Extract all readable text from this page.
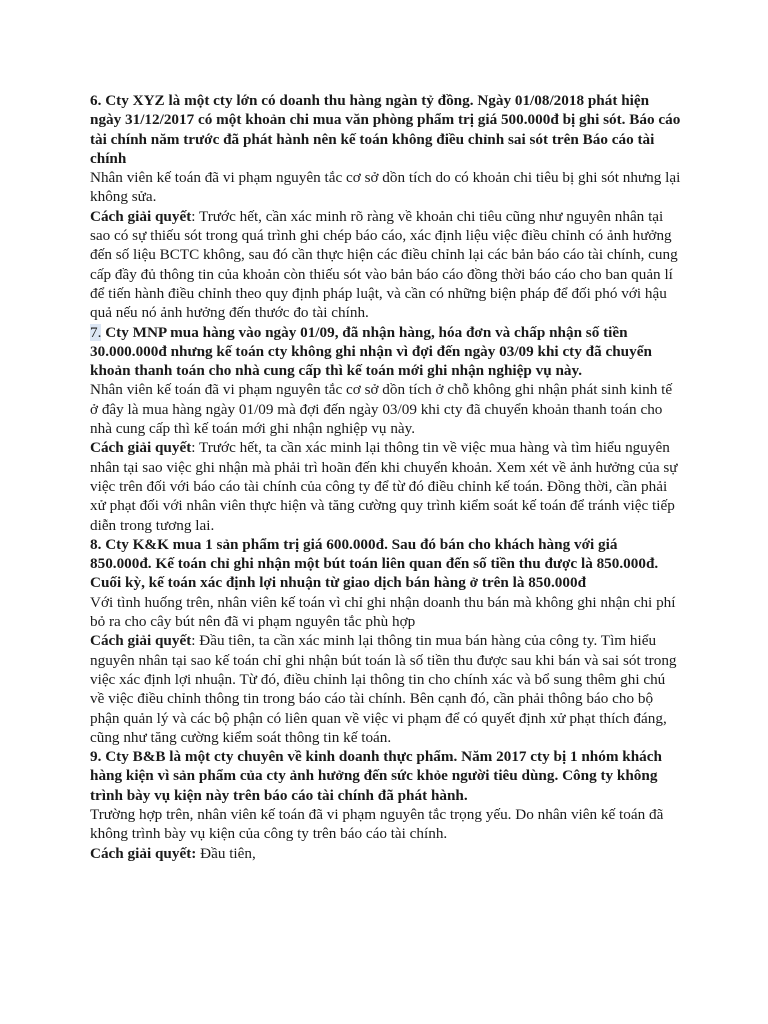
6. Cty XYZ là một cty lớn có doanh thu hàng ngàn tỷ đồng. Ngày 01/08/2018 phát hiện ngày 31/12/2017 có một khoản chi mua văn phòng phẩm trị giá 500.000đ bị ghi sót. Báo cáo tài chính năm trước đã phát hành nên kế toán không điều chỉnh sai sót trên Báo cáo tài chính

Nhân viên kế toán đã vi phạm nguyên tắc cơ sở dồn tích do có khoản chi tiêu bị ghi sót nhưng lại không sửa.

Cách giải quyết: Trước hết, cần xác minh rõ ràng về khoản chi tiêu cũng như nguyên nhân tại sao có sự thiếu sót trong quá trình ghi chép báo cáo, xác định liệu việc điều chỉnh có ảnh hưởng đến số liệu BCTC không, sau đó cần thực hiện các điều chỉnh lại các bản báo cáo tài chính, cung cấp đầy đủ thông tin của khoản còn thiếu sót vào bản báo cáo đồng thời báo cáo cho ban quản lí để tiến hành điều chỉnh theo quy định pháp luật, và cần có những biện pháp để đối phó với hậu quả nếu nó ảnh hưởng đến thước đo tài chính.

7. Cty MNP mua hàng vào ngày 01/09, đã nhận hàng, hóa đơn và chấp nhận số tiền 30.000.000đ nhưng kế toán cty không ghi nhận vì đợi đến ngày 03/09 khi cty đã chuyển khoản thanh toán cho nhà cung cấp thì kế toán mới ghi nhận nghiệp vụ này.

Nhân viên kế toán đã vi phạm nguyên tắc cơ sở dồn tích ở chỗ không ghi nhận phát sinh kinh tế ở đây là mua hàng ngày 01/09 mà đợi đến ngày 03/09 khi cty đã chuyển khoản thanh toán cho nhà cung cấp thì kế toán mới ghi nhận nghiệp vụ này.

Cách giải quyết: Trước hết, ta cần xác minh lại thông tin về việc mua hàng và tìm hiểu nguyên nhân tại sao việc ghi nhận mà phải trì hoãn đến khi chuyển khoản. Xem xét về ảnh hưởng của sự việc trên đối với báo cáo tài chính của công ty để từ đó điều chỉnh kế toán. Đồng thời, cần phải xử phạt đối với nhân viên thực hiện và tăng cường quy trình kiểm soát kế toán để tránh việc tiếp diễn trong tương lai.

8. Cty K&K mua 1 sản phẩm trị giá 600.000đ. Sau đó bán cho khách hàng với giá 850.000đ. Kế toán chỉ ghi nhận một bút toán liên quan đến số tiền thu được là 850.000đ. Cuối kỳ, kế toán xác định lợi nhuận từ giao dịch bán hàng ở trên là 850.000đ

Với tình huống trên, nhân viên kế toán vì chỉ ghi nhận doanh thu bán mà không ghi nhận chi phí bỏ ra cho cây bút nên đã vi phạm nguyên tắc phù hợp

Cách giải quyết: Đầu tiên, ta cần xác minh lại thông tin mua bán hàng của công ty. Tìm hiểu nguyên nhân tại sao kế toán chỉ ghi nhận bút toán là số tiền thu được sau khi bán và sai sót trong việc xác định lợi nhuận. Từ đó, điều chỉnh lại thông tin cho chính xác và bổ sung thêm ghi chú về việc điều chỉnh thông tin trong báo cáo tài chính. Bên cạnh đó, cần phải thông báo cho bộ phận quản lý và các bộ phận có liên quan về việc vi phạm để có quyết định xử phạt thích đáng, cũng như tăng cường kiểm soát thông tin kế toán.

9. Cty B&B là một cty chuyên về kinh doanh thực phẩm. Năm 2017 cty bị 1 nhóm khách hàng kiện vì sản phẩm của cty ảnh hưởng đến sức khỏe người tiêu dùng. Công ty không trình bày vụ kiện này trên báo cáo tài chính đã phát hành.

Trường hợp trên, nhân viên kế toán đã vi phạm nguyên tắc trọng yếu. Do nhân viên kế toán đã không trình bày vụ kiện của công ty trên báo cáo tài chính.

Cách giải quyết: Đầu tiên,
